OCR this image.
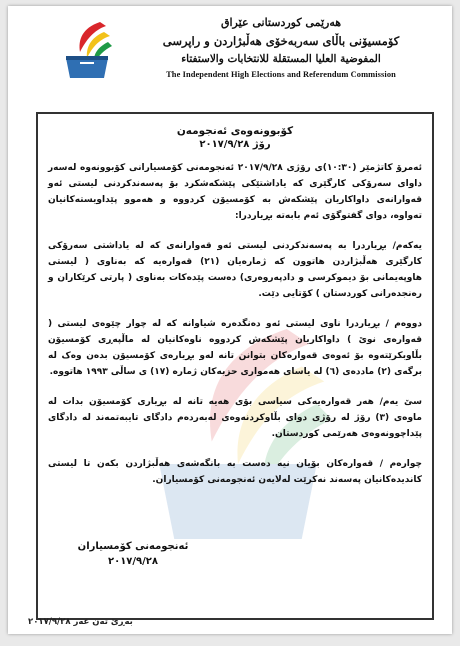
هەرێمی کوردستانی عێراق
کۆمسیۆنی باڵای سەربەخۆی هەڵبژاردن و راپرسی
المفوضية العليا المستقلة للانتخابات والاستفتاء
The Independent High Elections and Referendum Commission

کۆبوونەوەی ئەنجومەن

رۆژ ٢٠١٧/٩/٢٨

ئەمرۆ کاتژمێر (١٠:٣٠)ی رۆژی ٢٠١٧/٩/٢٨ ئەنجومەنی کۆمسیارانی کۆبوونەوە لەسەر داوای سەرۆکی کارگێری کە یاداشتێکی پێشکەشکرد بۆ پەسەندکردنی لیستی ئەو قەوارانەی داواکاریان پێشکەش بە کۆمسیۆن کردووە و هەموو پێداویستەکانیان تەواوە، دوای گفتوگۆی ئەم بابەتە بڕیاردرا:

یەکەم/ بڕیاردرا بە پەسەندکردنی لیستی ئەو قەوارانەی کە لە یاداشتی سەرۆکی کارگێری هەڵبژاردن هاتوون کە ژمارەیان (٢١) قەوارەیە کە بەناوی ( لیستی هاوپەیمانی بۆ دیموکرسی و دادپەروەری) دەست پێدەکات بەناوی ( پارتی کرێکاران و رەنجدەرانی کوردستان ) کۆتایی دێت.

دووەم / بڕیاردرا ناوی لیستی ئەو دەنگدەرە شیاوانە کە لە چوار چێوەی لیستی ( قەوارەی نوێ ) داواکاریان پێشکەش کردووە ناوەکانیان لە ماڵپەڕی کۆمسیۆن بڵاوبکرێتەوە بۆ ئەوەی قەوارەکان بتوانن تانە لەو بڕیارەی کۆمسیۆن بدەن وەک لە برگەی (٢) ماددەی (٦) لە یاسای هەمواری حزبەکان ژمارە (١٧) ی ساڵی ١٩٩٣ هاتووە.

سێ یەم/ هەر قەوارەیەکی سیاسی بۆی هەیە تانە لە بڕیاری کۆمسیۆن بدات لە ماوەی (٣) رۆژ لە رۆژی دوای بڵاوکردنەوەی لەبەردەم دادگای تایبەتمەند لە دادگای پێداچوونەوەی هەرێمی کوردستان.

چوارەم / قەوارەکان بۆیان نیە دەست بە بانگەشەی هەڵبژاردن بکەن تا لیستی کاندیدەکانیان پەسەند نەکرێت لەلایەن ئەنجومەنی کۆمسیاران.

ئەنجومەنی کۆمسیاران
٢٠١٧/٩/٢٨
بەڕێ تەن عەر ٢٠١٧/٩/٢٨
